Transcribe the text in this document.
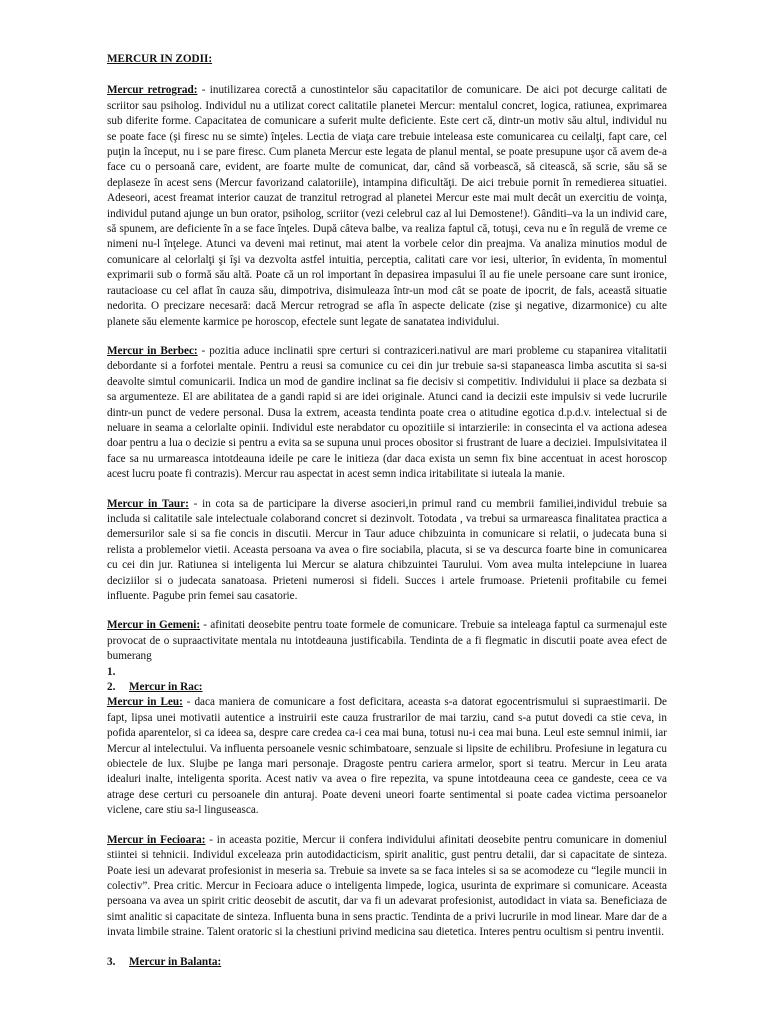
MERCUR IN ZODII:

Mercur retrograd: - inutilizarea corectă a cunostintelor său capacitatilor de comunicare. De aici pot decurge calitati de scriitor sau psiholog. Individul nu a utilizat corect calitatile planetei Mercur: mentalul concret, logica, ratiunea, exprimarea sub diferite forme. Capacitatea de comunicare a suferit multe deficiente. Este cert că, dintr-un motiv său altul, individul nu se poate face (şi firesc nu se simte) înţeles. Lectia de viaţa care trebuie inteleasa este comunicarea cu ceilalţi, fapt care, cel puţin la început, nu i se pare firesc. Cum planeta Mercur este legata de planul mental, se poate presupune uşor că avem de-a face cu o persoană care, evident, are foarte multe de comunicat, dar, când să vorbească, să citească, să scrie, său să se deplaseze în acest sens (Mercur favorizand calatoriile), intampina dificultăţi. De aici trebuie pornit în remedierea situatiei. Adeseori, acest freamat interior cauzat de tranzitul retrograd al planetei Mercur este mai mult decât un exercitiu de voinţa, individul putand ajunge un bun orator, psiholog, scriitor (vezi celebrul caz al lui Demostene!). Gânditi–va la un individ care, să spunem, are deficiente în a se face înţeles. După câteva balbe, va realiza faptul că, totuşi, ceva nu e în regulă de vreme ce nimeni nu-l înţelege. Atunci va deveni mai retinut, mai atent la vorbele celor din preajma. Va analiza minutios modul de comunicare al celorlalţi şi îşi va dezvolta astfel intuitia, perceptia, calitati care vor iesi, ulterior, în evidenta, în momentul exprimarii sub o formă său altă. Poate că un rol important în depasirea impasului îl au fie unele persoane care sunt ironice, rautacioase cu cel aflat în cauza său, dimpotriva, disimuleaza într-un mod cât se poate de ipocrit, de fals, această situatie nedorita. O precizare necesară: dacă Mercur retrograd se afla în aspecte delicate (zise şi negative, dizarmonice) cu alte planete său elemente karmice pe horoscop, efectele sunt legate de sanatatea individului.

Mercur in Berbec: - pozitia aduce inclinatii spre certuri si contraziceri.nativul are mari probleme cu stapanirea vitalitatii debordante si a forfotei mentale. Pentru a reusi sa comunice cu cei din jur trebuie sa-si stapaneasca limba ascutita si sa-si deavolte simtul comunicarii. Indica un mod de gandire inclinat sa fie decisiv si competitiv. Individului ii place sa dezbata si sa argumenteze. El are abilitatea de a gandi rapid si are idei originale. Atunci cand ia decizii este impulsiv si vede lucrurile dintr-un punct de vedere personal. Dusa la extrem, aceasta tendinta poate crea o atitudine egotica d.p.d.v. intelectual si de neluare in seama a celorlalte opinii. Individul este nerabdator cu opozitiile si intarzierile: in consecinta el va actiona adesea doar pentru a lua o decizie si pentru a evita sa se supuna unui proces obositor si frustrant de luare a deciziei. Impulsivitatea il face sa nu urmareasca intotdeauna ideile pe care le initieza (dar daca exista un semn fix bine accentuat in acest horoscop acest lucru poate fi contrazis). Mercur rau aspectat in acest semn indica iritabilitate si iuteala la manie.

Mercur in Taur: - in cota sa de participare la diverse asocieri,in primul rand cu membrii familiei,individul trebuie sa includa si calitatile sale intelectuale colaborand concret si dezinvolt. Totodata , va trebui sa urmareasca finalitatea practica a demersurilor sale si sa fie concis in discutii. Mercur in Taur aduce chibzuinta in comunicare si relatii, o judecata buna si relista a problemelor vietii. Aceasta persoana va avea o fire sociabila, placuta, si se va descurca foarte bine in comunicarea cu cei din jur. Ratiunea si inteligenta lui Mercur se alatura chibzuintei Taurului. Vom avea multa intelepciune in luarea deciziilor si o judecata sanatoasa. Prieteni numerosi si fideli. Succes i artele frumoase. Prietenii profitabile cu femei influente. Pagube prin femei sau casatorie.

Mercur in Gemeni: - afinitati deosebite pentru toate formele de comunicare. Trebuie sa inteleaga faptul ca surmenajul este provocat de o supraactivitate mentala nu intotdeauna justificabila. Tendinta de a fi flegmatic in discutii poate avea efect de bumerang

1.

2. Mercur in Rac:

Mercur in Leu: - daca maniera de comunicare a fost deficitara, aceasta s-a datorat egocentrismului si supraestimarii. De fapt, lipsa unei motivatii autentice a instruirii este cauza frustrarilor de mai tarziu, cand s-a putut dovedi ca stie ceva, in pofida aparentelor, si ca ideea sa, despre care credea ca-i cea mai buna, totusi nu-i cea mai buna. Leul este semnul inimii, iar Mercur al intelectului. Va influenta persoanele vesnic schimbatoare, senzuale si lipsite de echilibru. Profesiune in legatura cu obiectele de lux. Slujbe pe langa mari personaje. Dragoste pentru cariera armelor, sport si teatru. Mercur in Leu arata idealuri inalte, inteligenta sporita. Acest nativ va avea o fire repezita, va spune intotdeauna ceea ce gandeste, ceea ce va atrage dese certuri cu persoanele din anturaj. Poate deveni uneori foarte sentimental si poate cadea victima persoanelor viclene, care stiu sa-l linguseasca.

Mercur in Fecioara: - in aceasta pozitie, Mercur ii confera individului afinitati deosebite pentru comunicare in domeniul stiintei si tehnicii. Individul exceleaza prin autodidacticism, spirit analitic, gust pentru detalii, dar si capacitate de sinteza. Poate iesi un adevarat profesionist in meseria sa. Trebuie sa invete sa se faca inteles si sa se acomodeze cu “legile muncii in colectiv”. Prea critic. Mercur in Fecioara aduce o inteligenta limpede, logica, usurinta de exprimare si comunicare. Aceasta persoana va avea un spirit critic deosebit de ascutit, dar va fi un adevarat profesionist, autodidact in viata sa. Beneficiaza de simt analitic si capacitate de sinteza. Influenta buna in sens practic. Tendinta de a privi lucrurile in mod linear. Mare dar de a invata limbile straine. Talent oratoric si la chestiuni privind medicina sau dietetica. Interes pentru ocultism si pentru inventii.

3. Mercur in Balanta:
